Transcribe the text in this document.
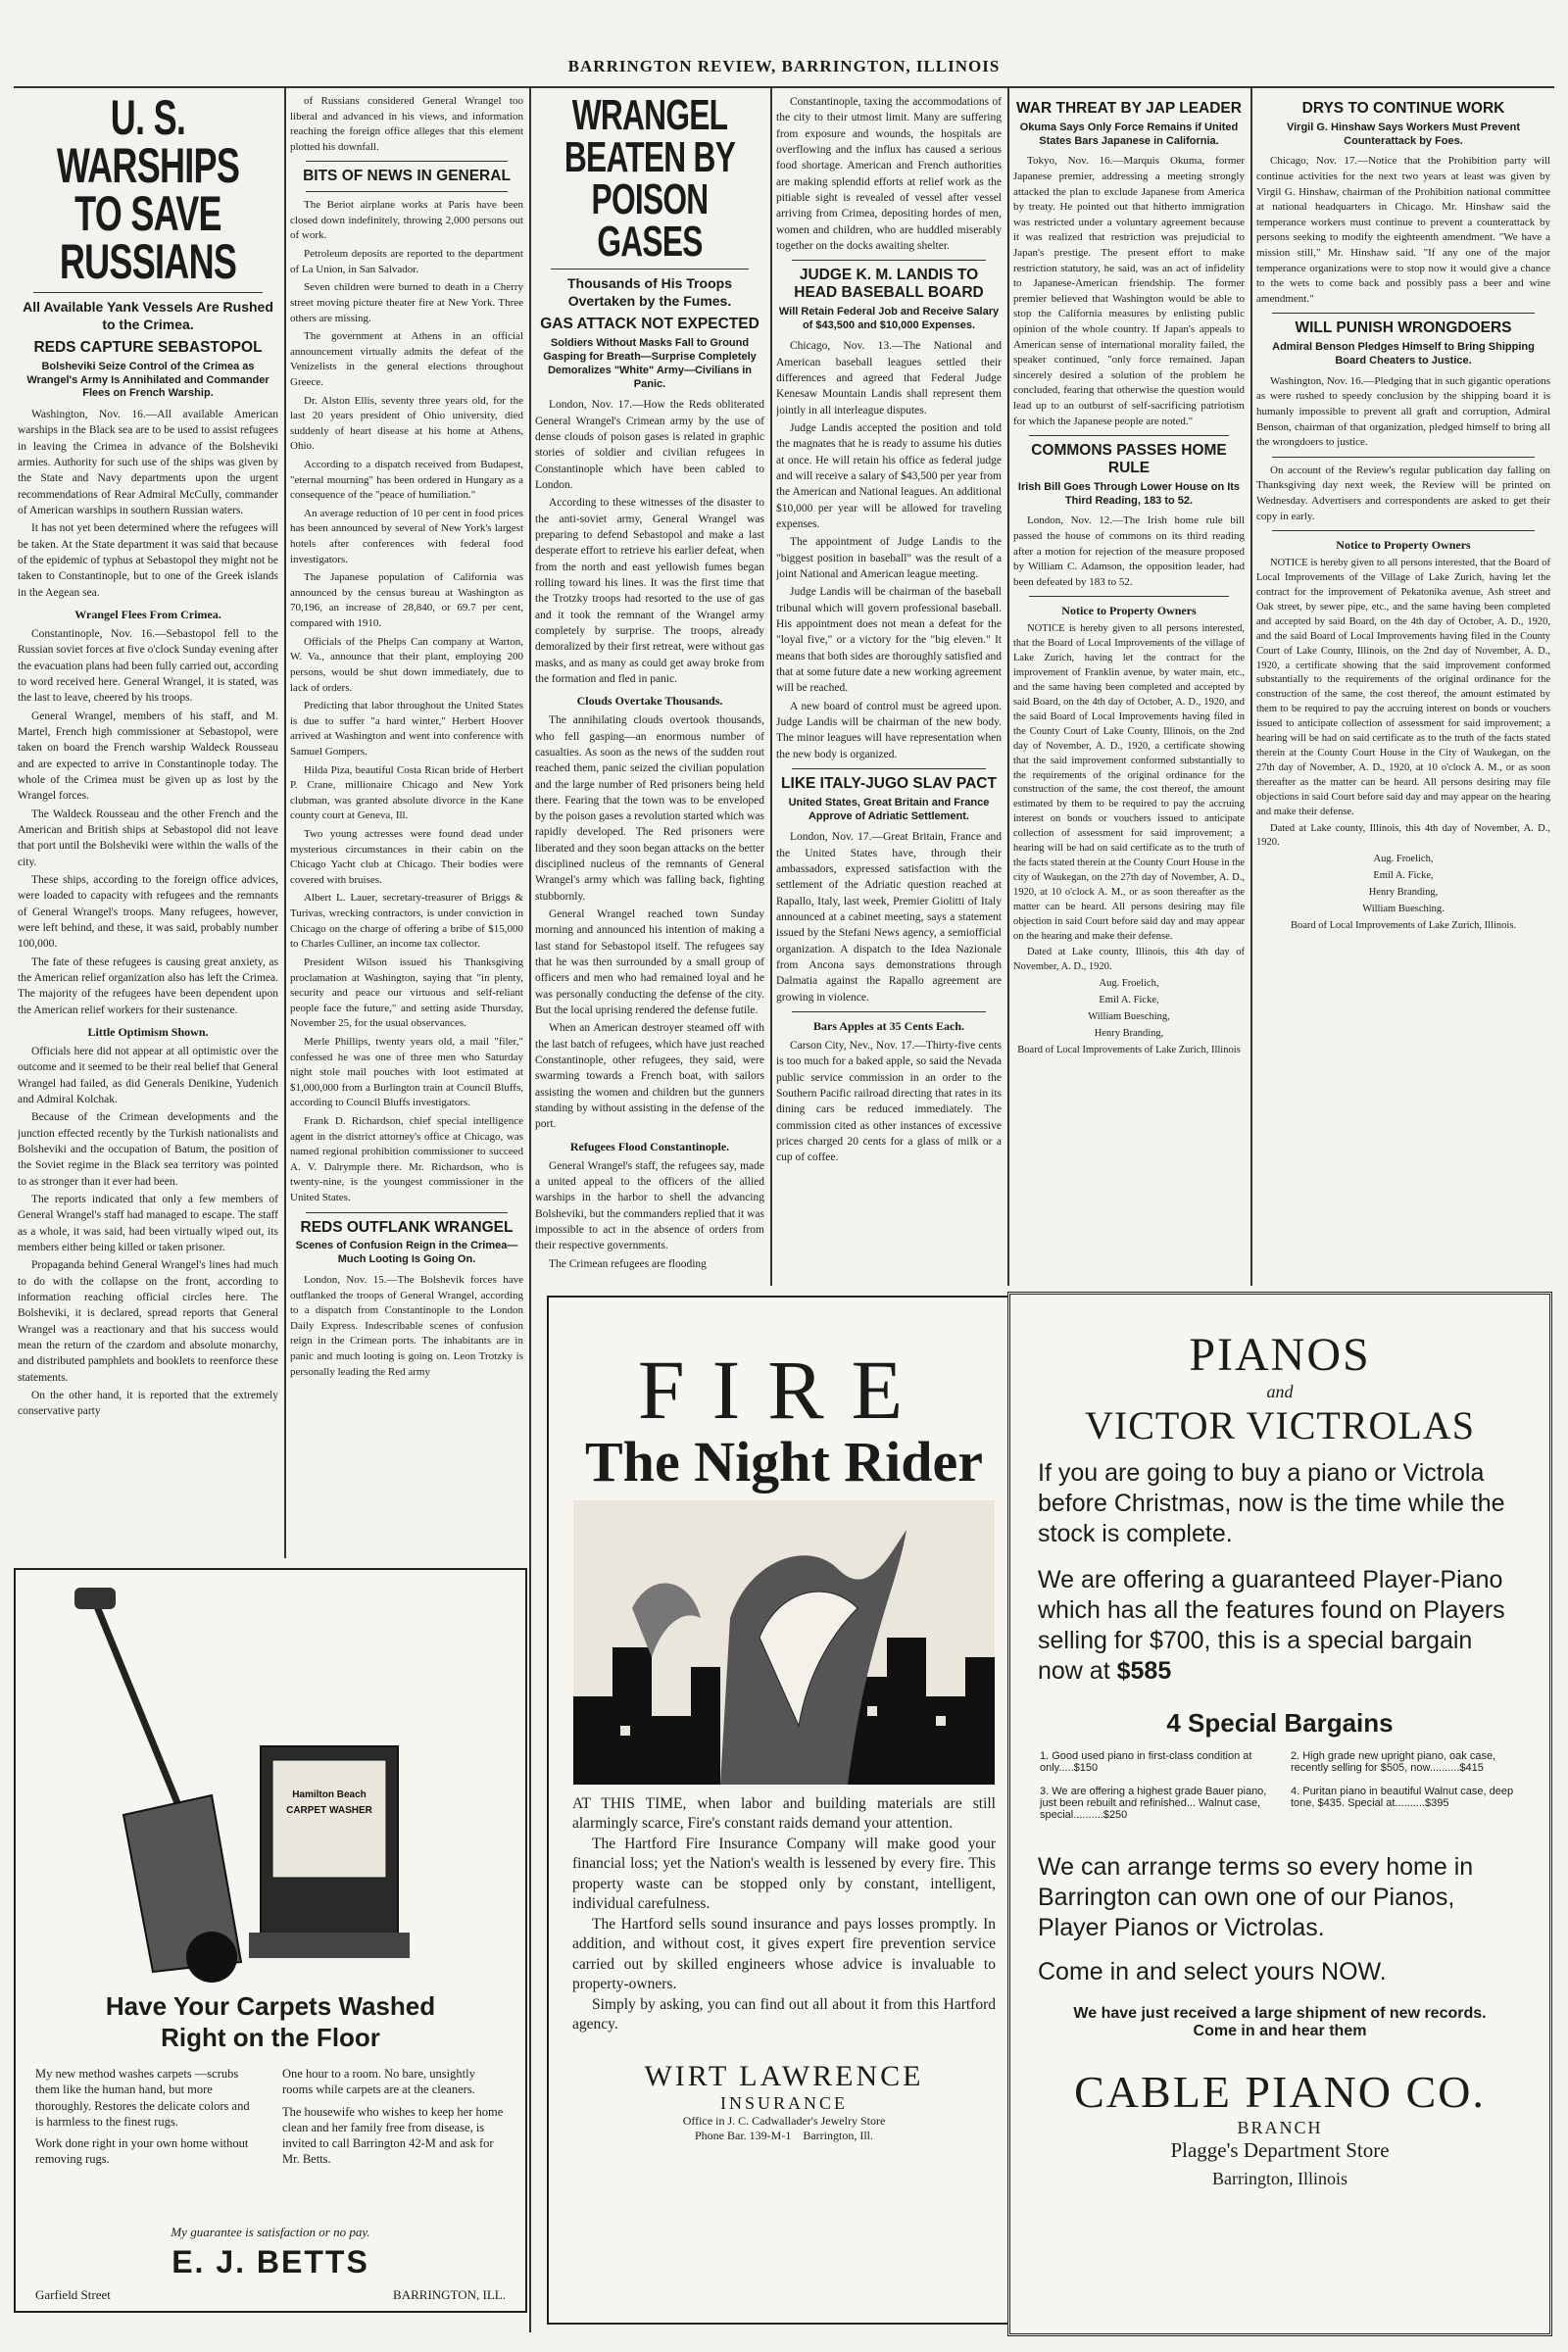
BARRINGTON REVIEW, BARRINGTON, ILLINOIS
U. S. WARSHIPS TO SAVE RUSSIANS
All Available Yank Vessels Are Rushed to the Crimea.
REDS CAPTURE SEBASTOPOL
Bolsheviki Seize Control of the Crimea as Wrangel's Army Is Annihilated and Commander Flees on French Warship.

Washington, Nov. 16.—All available American warships in the Black sea are to be used to assist refugees in leaving the Crimea in advance of the Bolsheviki armies. Authority for such use of the ships was given by the State and Navy departments upon the urgent recommendations of Rear Admiral McCully, commander of American warships in southern Russian waters.

It has not yet been determined where the refugees will be taken. At the State department it was said that because of the epidemic of typhus at Sebastopol they might not be taken to Constantinople, but to one of the Greek islands in the Aegean sea.

Wrangel Flees From Crimea.

Constantinople, Nov. 16.—Sebastopol fell to the Russian soviet forces at five o'clock Sunday evening after the evacuation plans had been fully carried out, according to word received here. General Wrangel, it is stated, was the last to leave, cheered by his troops.

General Wrangel, members of his staff, and M. Martel, French high commissioner at Sebastopol, were taken on board the French warship Waldeck Rousseau and are expected to arrive in Constantinople today. The whole of the Crimea must be given up as lost by the Wrangel forces.

The Waldeck Rousseau and the other French and the American and British ships at Sebastopol did not leave that port until the Bolsheviki were within the walls of the city.

These ships, according to the foreign office advices, were loaded to capacity with refugees and the remnants of General Wrangel's troops. Many refugees, however, were left behind, and these, it was said, probably number 100,000.

The fate of these refugees is causing great anxiety, as the American relief organization also has left the Crimea. The majority of the refugees have been dependent upon the American relief workers for their sustenance.

Little Optimism Shown.

Officials here did not appear at all optimistic over the outcome and it seemed to be their real belief that General Wrangel had failed, as did Generals Denikine, Yudenich and Admiral Kolchak.

Because of the Crimean developments and the junction effected recently by the Turkish nationalists and Bolsheviki and the occupation of Batum, the position of the Soviet regime in the Black sea territory was pointed to as stronger than it ever had been.

The reports indicated that only a few members of General Wrangel's staff had managed to escape. The staff as a whole, it was said, had been virtually wiped out, its members either being killed or taken prisoner.

Propaganda behind General Wrangel's lines had much to do with the collapse on the front, according to information reaching official circles here. The Bolsheviki, it is declared, spread reports that General Wrangel was a reactionary and that his success would mean the return of the czardom and absolute monarchy, and distributed pamphlets and booklets to reenforce these statements.

On the other hand, it is reported that the extremely conservative party

of Russians considered General Wrangel too liberal and advanced in his views, and information reaching the foreign office alleges that this element plotted his downfall.

BITS OF NEWS IN GENERAL

The Beriot airplane works at Paris have been closed down indefinitely, throwing 2,000 persons out of work.

Petroleum deposits are reported to the department of La Union, in San Salvador.

Seven children were burned to death in a Cherry street moving picture theater fire at New York. Three others are missing.

The government at Athens in an official announcement virtually admits the defeat of the Venizelists in the general elections throughout Greece.

Dr. Alston Ellis, seventy three years old, for the last 20 years president of Ohio university, died suddenly of heart disease at his home at Athens, Ohio.

According to a dispatch received from Budapest, "eternal mourning" has been ordered in Hungary as a consequence of the "peace of humiliation."

An average reduction of 10 per cent in food prices has been announced by several of New York's largest hotels after conferences with federal food investigators.

The Japanese population of California was announced by the census bureau at Washington as 70,196, an increase of 28,840, or 69.7 per cent, compared with 1910.

Officials of the Phelps Can company at Warton, W. Va., announce that their plant, employing 200 persons, would be shut down immediately, due to lack of orders.

Predicting that labor throughout the United States is due to suffer "a hard winter," Herbert Hoover arrived at Washington and went into conference with Samuel Gompers.

Hilda Piza, beautiful Costa Rican bride of Herbert P. Crane, millionaire Chicago and New York clubman, was granted absolute divorce in the Kane county court at Geneva, Ill.

Two young actresses were found dead under mysterious circumstances in their cabin on the Chicago Yacht club at Chicago. Their bodies were covered with bruises.

Albert L. Lauer, secretary-treasurer of Briggs & Turivas, wrecking contractors, is under conviction in Chicago on the charge of offering a bribe of $15,000 to Charles Culliner, an income tax collector.

President Wilson issued his Thanksgiving proclamation at Washington, saying that "in plenty, security and peace our virtuous and self-reliant people face the future," and setting aside Thursday, November 25, for the usual observances.

Merle Phillips, twenty years old, a mail "filer," confessed he was one of three men who Saturday night stole mail pouches with loot estimated at $1,000,000 from a Burlington train at Council Bluffs, according to Council Bluffs investigators.

Frank D. Richardson, chief special intelligence agent in the district attorney's office at Chicago, was named regional prohibition commissioner to succeed A. V. Dalrymple there. Mr. Richardson, who is twenty-nine, is the youngest commissioner in the United States.

REDS OUTFLANK WRANGEL
Scenes of Confusion Reign in the Crimea—Much Looting Is Going On.

London, Nov. 15.—The Bolshevik forces have outflanked the troops of General Wrangel, according to a dispatch from Constantinople to the London Daily Express. Indescribable scenes of confusion reign in the Crimean ports. The inhabitants are in panic and much looting is going on. Leon Trotzky is personally leading the Red army

WRANGEL BEATEN BY POISON GASES
Thousands of His Troops Overtaken by the Fumes.
GAS ATTACK NOT EXPECTED
Soldiers Without Masks Fall to Ground Gasping for Breath—Surprise Completely Demoralizes "White" Army—Civilians in Panic.

London, Nov. 17.—How the Reds obliterated General Wrangel's Crimean army by the use of dense clouds of poison gases is related in graphic stories of soldier and civilian refugees in Constantinople which have been cabled to London.

According to these witnesses of the disaster to the anti-soviet army, General Wrangel was preparing to defend Sebastopol and make a last desperate effort to retrieve his earlier defeat, when from the north and east yellowish fumes began rolling toward his lines. It was the first time that the Trotzky troops had resorted to the use of gas and it took the remnant of the Wrangel army completely by surprise. The troops, already demoralized by their first retreat, were without gas masks, and as many as could get away broke from the formation and fled in panic.

Clouds Overtake Thousands.

The annihilating clouds overtook thousands, who fell gasping—an enormous number of casualties. As soon as the news of the sudden rout reached them, panic seized the civilian population and the large number of Red prisoners being held there. Fearing that the town was to be enveloped by the poison gases a revolution started which was rapidly developed. The Red prisoners were liberated and they soon began attacks on the better disciplined nucleus of the remnants of General Wrangel's army which was falling back, fighting stubbornly.

General Wrangel reached town Sunday morning and announced his intention of making a last stand for Sebastopol itself. The refugees say that he was then surrounded by a small group of officers and men who had remained loyal and he was personally conducting the defense of the city. But the local uprising rendered the defense futile.

When an American destroyer steamed off with the last batch of refugees, which have just reached Constantinople, other refugees, they said, were swarming towards a French boat, with sailors assisting the women and children but the gunners standing by without assisting in the defense of the port.

Refugees Flood Constantinople.

General Wrangel's staff, the refugees say, made a united appeal to the officers of the allied warships in the harbor to shell the advancing Bolsheviki, but the commanders replied that it was impossible to act in the absence of orders from their respective governments.

The Crimean refugees are flooding

Constantinople, taxing the accommodations of the city to their utmost limit. Many are suffering from exposure and wounds, the hospitals are overflowing and the influx has caused a serious food shortage. American and French authorities are making splendid efforts at relief work as the pitiable sight is revealed of vessel after vessel arriving from Crimea, depositing hordes of men, women and children, who are huddled miserably together on the docks awaiting shelter.

JUDGE K. M. LANDIS TO HEAD BASEBALL BOARD
Will Retain Federal Job and Receive Salary of $43,500 and $10,000 Expenses.

Chicago, Nov. 13.—The National and American baseball leagues settled their differences and agreed that Federal Judge Kenesaw Mountain Landis shall represent them jointly in all interleague disputes.

Judge Landis accepted the position and told the magnates that he is ready to assume his duties at once. He will retain his office as federal judge and will receive a salary of $43,500 per year from the American and National leagues. An additional $10,000 per year will be allowed for traveling expenses.

The appointment of Judge Landis to the "biggest position in baseball" was the result of a joint National and American league meeting.

Judge Landis will be chairman of the baseball tribunal which will govern professional baseball. His appointment does not mean a defeat for the "loyal five," or a victory for the "big eleven." It means that both sides are thoroughly satisfied and that at some future date a new working agreement will be reached.

A new board of control must be agreed upon. Judge Landis will be chairman of the new body. The minor leagues will have representation when the new body is organized.

LIKE ITALY-JUGO SLAV PACT
United States, Great Britain and France Approve of Adriatic Settlement.

London, Nov. 17.—Great Britain, France and the United States have, through their ambassadors, expressed satisfaction with the settlement of the Adriatic question reached at Rapallo, Italy, last week, Premier Giolitti of Italy announced at a cabinet meeting, says a statement issued by the Stefani News agency, a semiofficial organization. A dispatch to the Idea Nazionale from Ancona says demonstrations through Dalmatia against the Rapallo agreement are growing in violence.

Bars Apples at 35 Cents Each.

Carson City, Nev., Nov. 17.—Thirty-five cents is too much for a baked apple, so said the Nevada public service commission in an order to the Southern Pacific railroad directing that rates in its dining cars be reduced immediately. The commission cited as other instances of excessive prices charged 20 cents for a glass of milk or a cup of coffee.

WAR THREAT BY JAP LEADER
Okuma Says Only Force Remains if United States Bars Japanese in California.

Tokyo, Nov. 16.—Marquis Okuma, former Japanese premier, addressing a meeting strongly attacked the plan to exclude Japanese from America by treaty. He pointed out that hitherto immigration was restricted under a voluntary agreement because it was realized that restriction was prejudicial to Japan's prestige. The present effort to make restriction statutory, he said, was an act of infidelity to Japanese-American friendship. The former premier believed that Washington would be able to stop the California measures by enlisting public opinion of the whole country. If Japan's appeals to American sense of international morality failed, the speaker continued, "only force remained. Japan sincerely desired a solution of the problem he concluded, fearing that otherwise the question would lead up to an outburst of self-sacrificing patriotism for which the Japanese people are noted."

COMMONS PASSES HOME RULE
Irish Bill Goes Through Lower House on Its Third Reading, 183 to 52.

London, Nov. 12.—The Irish home rule bill passed the house of commons on its third reading after a motion for rejection of the measure proposed by William C. Adamson, the opposition leader, had been defeated by 183 to 52.

Notice to Property Owners

NOTICE is hereby given to all persons interested, that the Board of Local Improvements of the village of Lake Zurich, having let the contract for the improvement of Franklin avenue, by water main, etc., and the same having been completed and accepted by said Board, on the 4th day of October, A. D., 1920, and the said Board of Local Improvements having filed in the County Court of Lake County, Illinois, on the 2nd day of November, A. D., 1920, a certificate showing that the said improvement conformed substantially to the requirements of the original ordinance for the construction of the same, the cost thereof, the amount estimated by them to be required to pay the accruing interest on bonds or vouchers issued to anticipate collection of assessment for said improvement; a hearing will be had on said certificate as to the truth of the facts stated therein at the County Court House in the city of Waukegan, on the 27th day of November, A. D., 1920, at 10 o'clock A. M., or as soon thereafter as the matter can be heard. All persons desiring may file objection in said Court before said day and may appear on the hearing and make their defense.

Dated at Lake county, Illinois, this 4th day of November, A. D., 1920.

Aug. Froelich,

Emil A. Ficke,

William Buesching,

Henry Branding,

Board of Local Improvements of Lake Zurich, Illinois

DRYS TO CONTINUE WORK
Virgil G. Hinshaw Says Workers Must Prevent Counterattack by Foes.

Chicago, Nov. 17.—Notice that the Prohibition party will continue activities for the next two years at least was given by Virgil G. Hinshaw, chairman of the Prohibition national committee at national headquarters in Chicago. Mr. Hinshaw said the temperance workers must continue to prevent a counterattack by persons seeking to modify the eighteenth amendment. "We have a mission still," Mr. Hinshaw said. "If any one of the major temperance organizations were to stop now it would give a chance to the wets to come back and possibly pass a beer and wine amendment."

WILL PUNISH WRONGDOERS
Admiral Benson Pledges Himself to Bring Shipping Board Cheaters to Justice.

Washington, Nov. 16.—Pledging that in such gigantic operations as were rushed to speedy conclusion by the shipping board it is humanly impossible to prevent all graft and corruption, Admiral Benson, chairman of that organization, pledged himself to bring all the wrongdoers to justice.

On account of the Review's regular publication day falling on Thanksgiving day next week, the Review will be printed on Wednesday. Advertisers and correspondents are asked to get their copy in early.

Notice to Property Owners

NOTICE is hereby given to all persons interested, that the Board of Local Improvements of the Village of Lake Zurich, having let the contract for the improvement of Pekatonika avenue, Ash street and Oak street, by sewer pipe, etc., and the same having been completed and accepted by said Board, on the 4th day of October, A. D., 1920, and the said Board of Local Improvements having filed in the County Court of Lake County, Illinois, on the 2nd day of November, A. D., 1920, a certificate showing that the said improvement conformed substantially to the requirements of the original ordinance for the construction of the same, the cost thereof, the amount estimated by them to be required to pay the accruing interest on bonds or vouchers issued to anticipate collection of assessment for said improvement; a hearing will be had on said certificate as to the truth of the facts stated therein at the County Court House in the City of Waukegan, on the 27th day of November, A. D., 1920, at 10 o'clock A. M., or as soon thereafter as the matter can be heard. All persons desiring may file objections in said Court before said day and may appear on the hearing and make their defense.

Dated at Lake county, Illinois, this 4th day of November, A. D., 1920.

Aug. Froelich,

Emil A. Ficke,

Henry Branding,

William Buesching.

Board of Local Improvements of Lake Zurich, Illinois.

Hamilton Beach
CARPET WASHER
Have Your Carpets Washed
Right on the Floor

My new method washes carpets —scrubs them like the human hand, but more thoroughly. Restores the delicate colors and is harmless to the finest rugs.

Work done right in your own home without removing rugs.

One hour to a room. No bare, unsightly rooms while carpets are at the cleaners.

The housewife who wishes to keep her home clean and her family free from disease, is invited to call Barrington 42-M and ask for Mr. Betts.

My guarantee is satisfaction or no pay.
E. J. BETTS
Garfield Street	BARRINGTON, ILL.
FIRE
The Night Rider

AT THIS TIME, when labor and building materials are still alarmingly scarce, Fire's constant raids demand your attention.

The Hartford Fire Insurance Company will make good your financial loss; yet the Nation's wealth is lessened by every fire. This property waste can be stopped only by constant, intelligent, individual carefulness.

The Hartford sells sound insurance and pays losses promptly. In addition, and without cost, it gives expert fire prevention service carried out by skilled engineers whose advice is invaluable to property-owners.

Simply by asking, you can find out all about it from this Hartford agency.

WIRT LAWRENCE
INSURANCE
Office in J. C. Cadwallader's Jewelry Store
Phone Bar. 139-M-1 Barrington, Ill.
PIANOS
and
VICTOR VICTROLAS

If you are going to buy a piano or Victrola before Christmas, now is the time while the stock is complete.

We are offering a guaranteed Player-Piano which has all the features found on Players selling for $700, this is a special bargain now at $585

4 Special Bargains

1. Good used piano in first-class condition at only.....$150

2. High grade new upright piano, oak case, recently selling for $505, now..........$415

3. We are offering a highest grade Bauer piano, just been rebuilt and refinished... Walnut case, special..........$250

4. Puritan piano in beautiful Walnut case, deep tone, $435. Special at..........$395

We can arrange terms so every home in Barrington can own one of our Pianos, Player Pianos or Victrolas.

Come in and select yours NOW.

We have just received a large shipment of new records. Come in and hear them

CABLE PIANO CO.
BRANCH
Plagge's Department Store
Barrington, Illinois
